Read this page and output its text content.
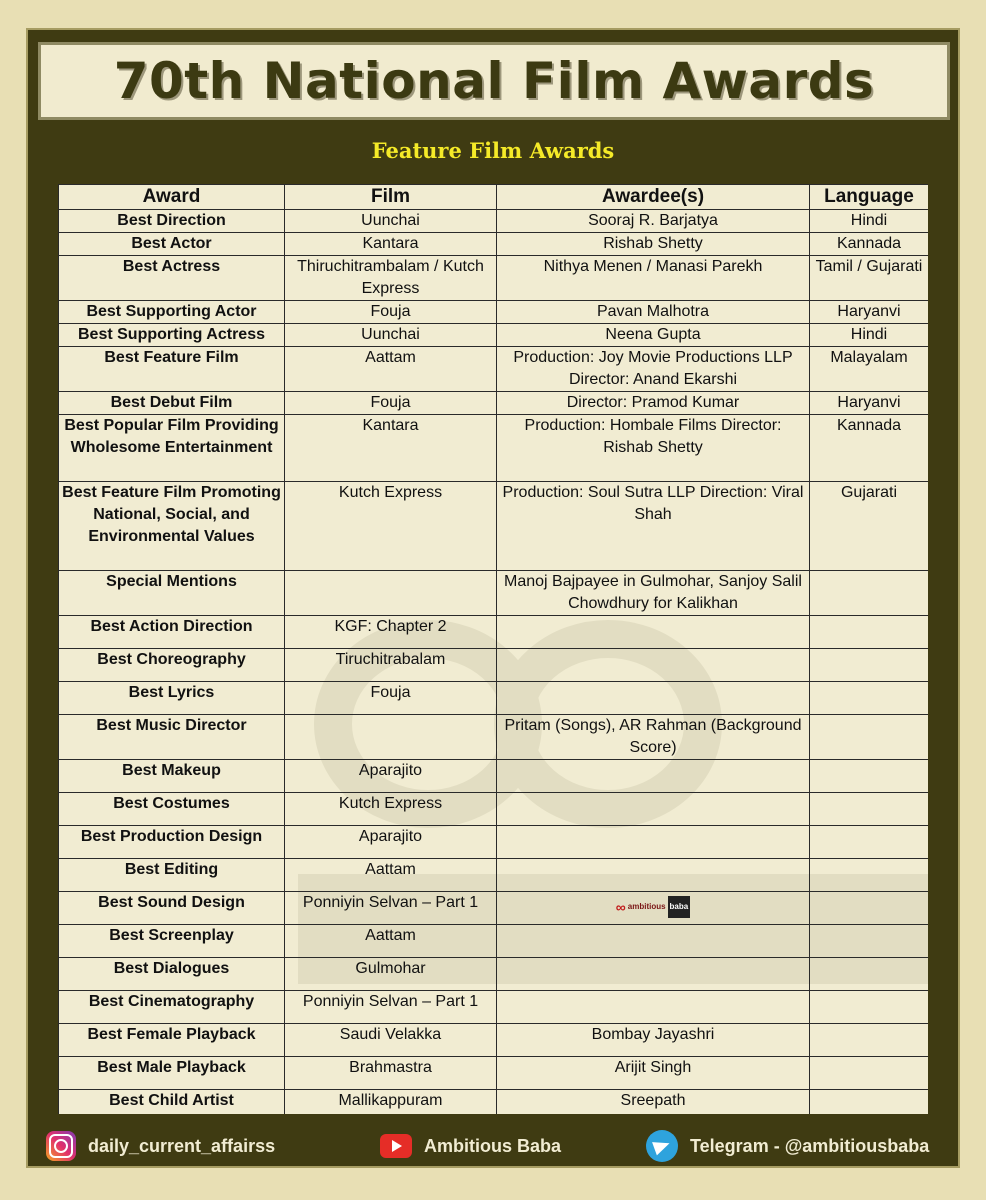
70th National Film Awards
Feature Film Awards
Award	Film	Awardee(s)	Language
Best Direction	Uunchai	Sooraj R. Barjatya	Hindi
Best Actor	Kantara	Rishab Shetty	Kannada
Best Actress	Thiruchitrambalam / Kutch Express	Nithya Menen / Manasi Parekh	Tamil / Gujarati
Best Supporting Actor	Fouja	Pavan Malhotra	Haryanvi
Best Supporting Actress	Uunchai	Neena Gupta	Hindi
Best Feature Film	Aattam	Production: Joy Movie Productions LLP Director: Anand Ekarshi	Malayalam
Best Debut Film	Fouja	Director: Pramod Kumar	Haryanvi
Best Popular Film Providing Wholesome Entertainment	Kantara	Production: Hombale Films Director: Rishab Shetty	Kannada
Best Feature Film Promoting National, Social, and Environmental Values	Kutch Express	Production: Soul Sutra LLP Direction: Viral Shah	Gujarati
Special Mentions		Manoj Bajpayee in Gulmohar, Sanjoy Salil Chowdhury for Kalikhan	
Best Action Direction	KGF: Chapter 2		
Best Choreography	Tiruchitrabalam		
Best Lyrics	Fouja		
Best Music Director		Pritam (Songs), AR Rahman (Background Score)	
Best Makeup	Aparajito		
Best Costumes	Kutch Express		
Best Production Design	Aparajito		
Best Editing	Aattam		
Best Sound Design	Ponniyin Selvan – Part 1	∞ ambitious baba	

Best Screenplay	Aattam		
Best Dialogues	Gulmohar		
Best Cinematography	Ponniyin Selvan – Part 1		
Best Female Playback	Saudi Velakka	Bombay Jayashri	
Best Male Playback	Brahmastra	Arijit Singh	
Best Child Artist	Mallikappuram	Sreepath	
daily_current_affairss	Ambitious Baba	Telegram - @ambitiousbaba
